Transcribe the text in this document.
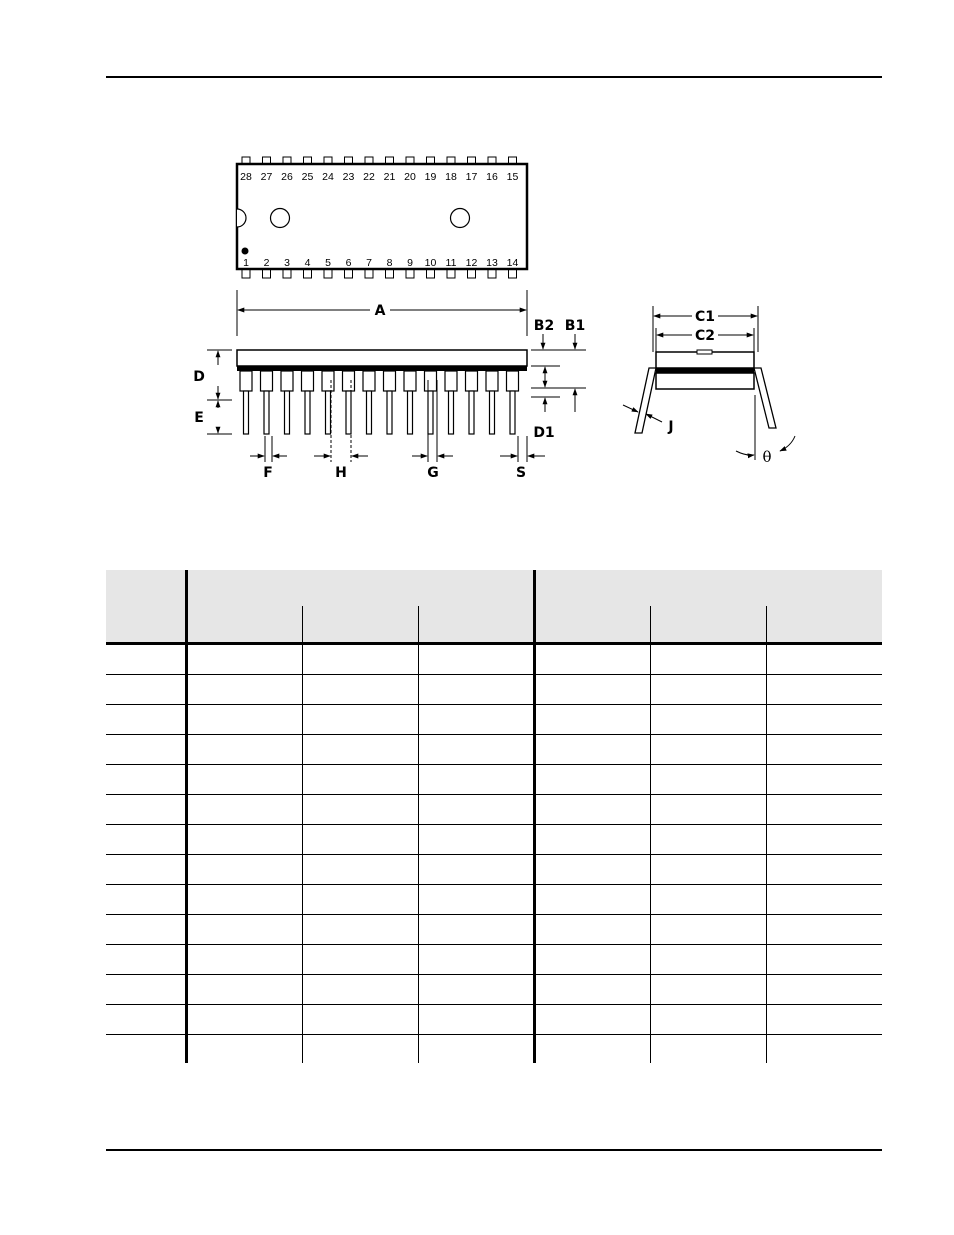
28 27 26 25 24 23 22 21 20 19 18 17 16 15
1 2 3 4 5 6 7 8 9 10 11 12 13 14
A
D
E
B2 B1
D1
F	H	G	S
C1
C2
J
θ
